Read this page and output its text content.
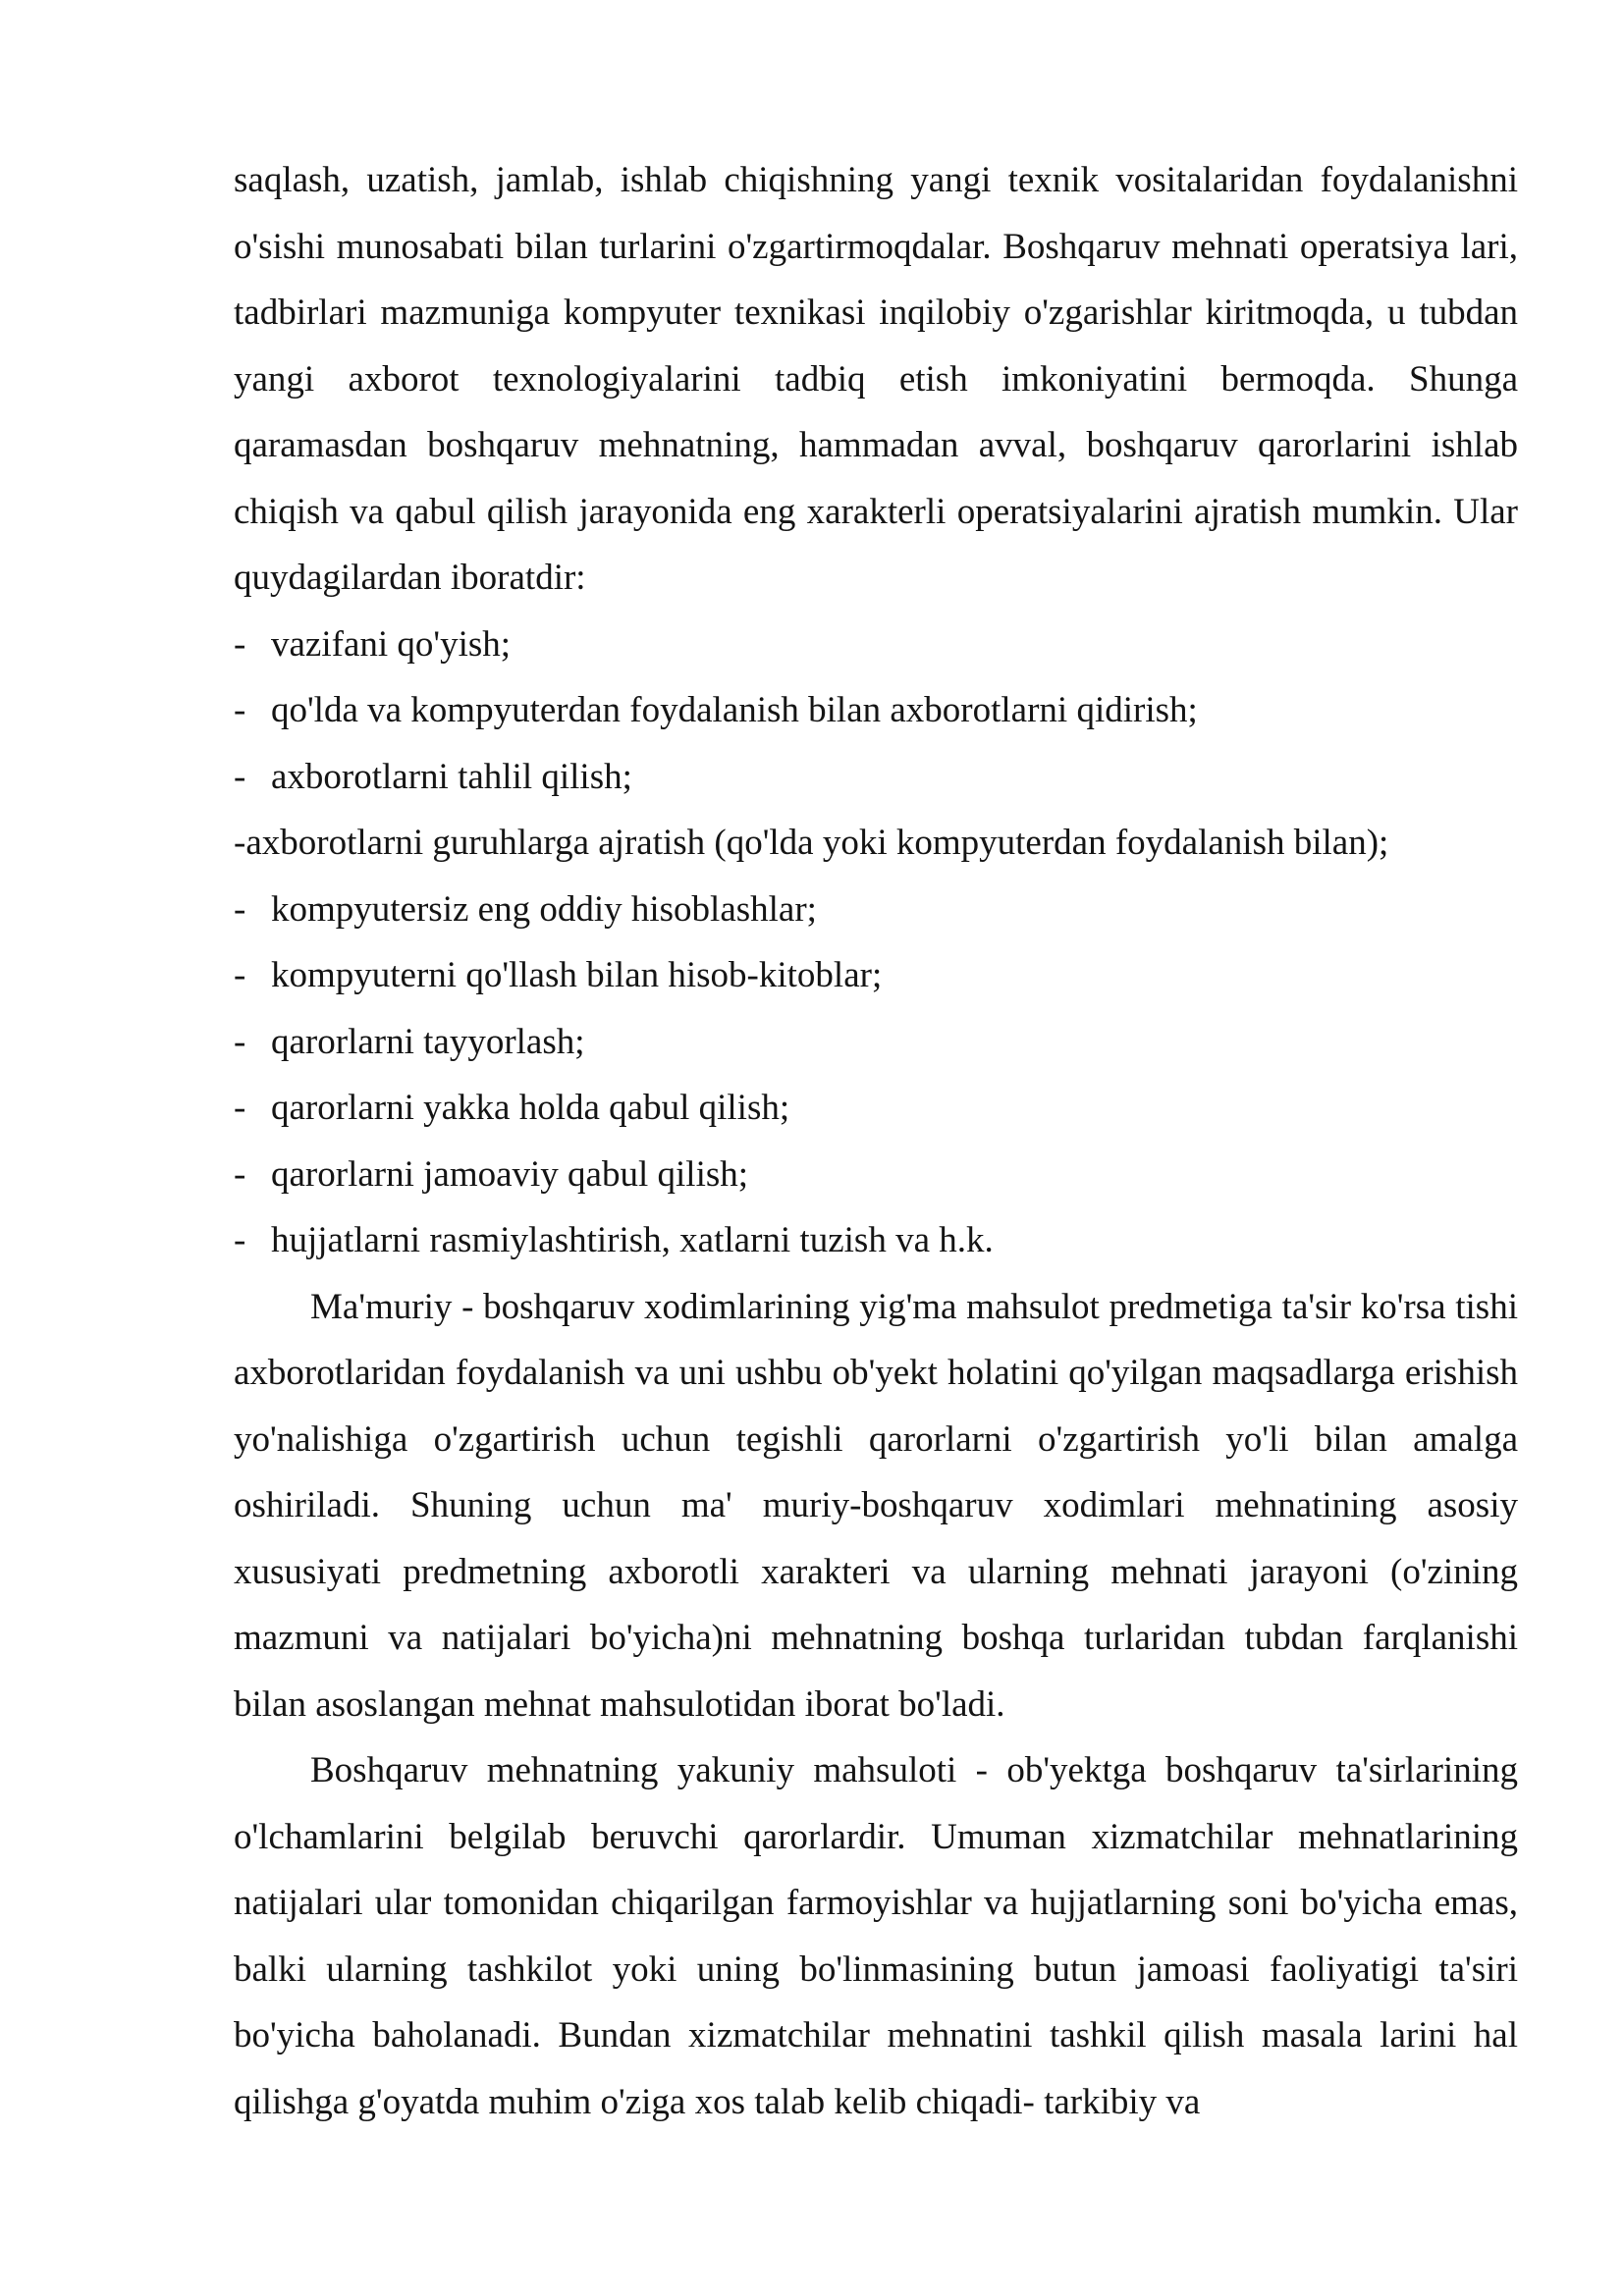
saqlash, uzatish, jamlab, ishlab chiqishning yangi texnik vositalaridan foydalanishni o'sishi munosabati bilan turlarini o'zgartirmoqdalar. Boshqaruv mehnati operatsiya lari, tadbirlari mazmuniga kompyuter texnikasi inqilobiy o'zgarishlar kiritmoqda, u tubdan yangi axborot texnologiyalarini tadbiq etish imkoniyatini bermoqda. Shunga qaramasdan boshqaruv mehnatning, hammadan avval, boshqaruv qarorlarini ishlab chiqish va qabul qilish jarayonida eng xarakterli operatsiyalarini ajratish mumkin. Ular quydagilardan iboratdir:

- vazifani qo'yish;
- qo'lda va kompyuterdan foydalanish bilan axborotlarni qidirish;
- axborotlarni tahlil qilish;
-axborotlarni guruhlarga ajratish (qo'lda yoki kompyuterdan foydalanish bilan);
- kompyutersiz eng oddiy hisoblashlar;
- kompyuterni qo'llash bilan hisob-kitoblar;
- qarorlarni tayyorlash;
- qarorlarni yakka holda qabul qilish;
- qarorlarni jamoaviy qabul qilish;
- hujjatlarni rasmiylashtirish, xatlarni tuzish va h.k.

Ma'muriy - boshqaruv xodimlarining yig'ma mahsulot predmetiga ta'sir ko'rsa tishi axborotlaridan foydalanish va uni ushbu ob'yekt holatini qo'yilgan maqsadlarga erishish yo'nalishiga o'zgartirish uchun tegishli qarorlarni o'zgartirish yo'li bilan amalga oshiriladi. Shuning uchun ma' muriy-boshqaruv xodimlari mehnatining asosiy xususiyati predmetning axborotli xarakteri va ularning mehnati jarayoni (o'zining mazmuni va natijalari bo'yicha)ni mehnatning boshqa turlaridan tubdan farqlanishi bilan asoslangan mehnat mahsulotidan iborat bo'ladi.

Boshqaruv mehnatning yakuniy mahsuloti - ob'yektga boshqaruv ta'sirlarining o'lchamlarini belgilab beruvchi qarorlardir. Umuman xizmatchilar mehnatlarining natijalari ular tomonidan chiqarilgan farmoyishlar va hujjatlarning soni bo'yicha emas, balki ularning tashkilot yoki uning bo'linmasining butun jamoasi faoliyatigi ta'siri bo'yicha baholanadi. Bundan xizmatchilar mehnatini tashkil qilish masala larini hal qilishga g'oyatda muhim o'ziga xos talab kelib chiqadi- tarkibiy va
